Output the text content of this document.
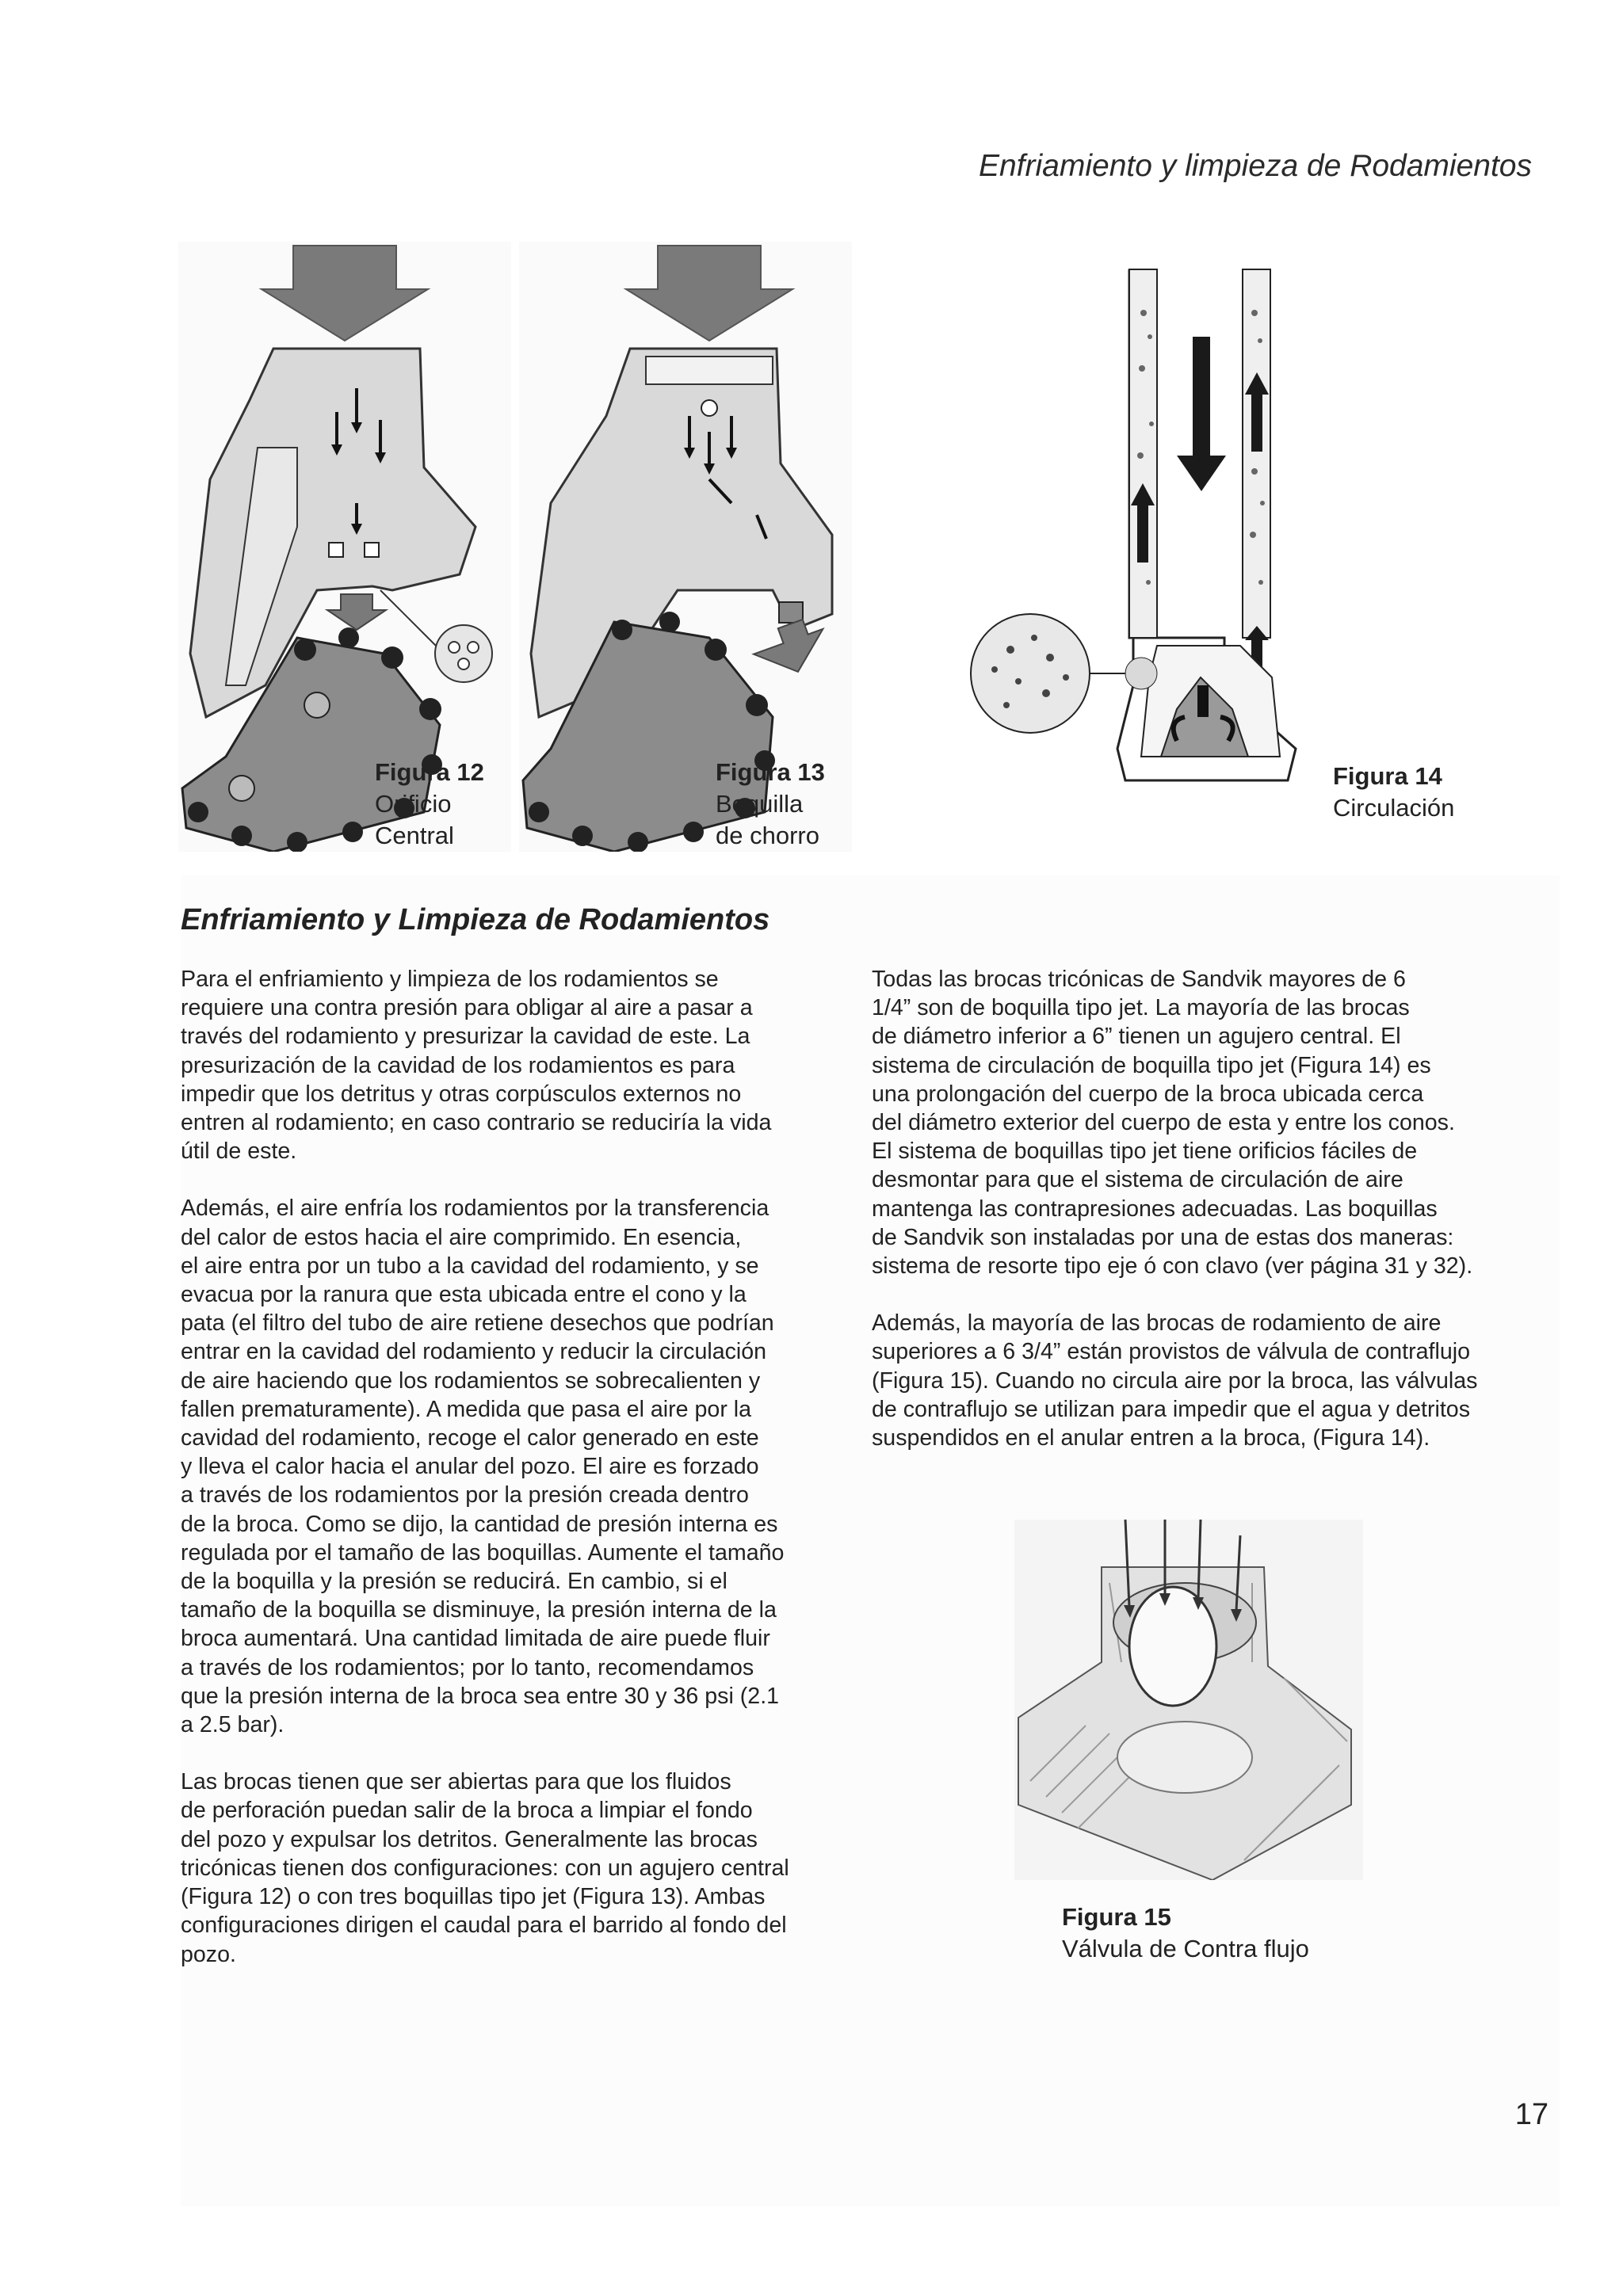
Enfriamiento y limpieza de Rodamientos
Figura 12
Orificio
Central
Figura 13
Boquilla
de chorro
Figura 14
Circulación
Enfriamiento y Limpieza de Rodamientos

Para el enfriamiento y limpieza de los rodamientos se
requiere una contra presión para obligar al aire a pasar a
través del rodamiento y presurizar la cavidad de este. La
presurización de la cavidad de los rodamientos es para
impedir que los detritus y otras corpúsculos externos no
entren al rodamiento; en caso contrario se reduciría la vida
útil de este.

Además, el aire enfría los rodamientos por la transferencia
del calor de estos hacia el aire comprimido. En esencia,
el aire entra por un tubo a la cavidad del rodamiento, y se
evacua por la ranura que esta ubicada entre el cono y la
pata (el filtro del tubo de aire retiene desechos que podrían
entrar en la cavidad del rodamiento y reducir la circulación
de aire haciendo que los rodamientos se sobrecalienten y
fallen prematuramente). A medida que pasa el aire por la
cavidad del rodamiento, recoge el calor generado en este
y lleva el calor hacia el anular del pozo. El aire es forzado
a través de los rodamientos por la presión creada dentro
de la broca. Como se dijo, la cantidad de presión interna es
regulada por el tamaño de las boquillas. Aumente el tamaño
de la boquilla y la presión se reducirá. En cambio, si el
tamaño de la boquilla se disminuye, la presión interna de la
broca aumentará. Una cantidad limitada de aire puede fluir
a través de los rodamientos; por lo tanto, recomendamos
que la presión interna de la broca sea entre 30 y 36 psi (2.1
a 2.5 bar).

Las brocas tienen que ser abiertas para que los fluidos
de perforación puedan salir de la broca a limpiar el fondo
del pozo y expulsar los detritos. Generalmente las brocas
tricónicas tienen dos configuraciones: con un agujero central
(Figura 12) o con tres boquillas tipo jet (Figura 13). Ambas
configuraciones dirigen el caudal para el barrido al fondo del
pozo.

Todas las brocas tricónicas de Sandvik mayores de 6
1/4” son de boquilla tipo jet. La mayoría de las brocas
de diámetro inferior a 6” tienen un agujero central. El
sistema de circulación de boquilla tipo jet (Figura 14) es
una prolongación del cuerpo de la broca ubicada cerca
del diámetro exterior del cuerpo de esta y entre los conos.
El sistema de boquillas tipo jet tiene orificios fáciles de
desmontar para que el sistema de circulación de aire
mantenga las contrapresiones adecuadas. Las boquillas
de Sandvik son instaladas por una de estas dos maneras:
sistema de resorte tipo eje ó con clavo (ver página 31 y 32).

Además, la mayoría de las brocas de rodamiento de aire
superiores a 6 3/4” están provistos de válvula de contraflujo
(Figura 15). Cuando no circula aire por la broca, las válvulas
de contraflujo se utilizan para impedir que el agua y detritos
suspendidos en el anular entren a la broca, (Figura 14).

Figura 15
Válvula de Contra flujo
17
